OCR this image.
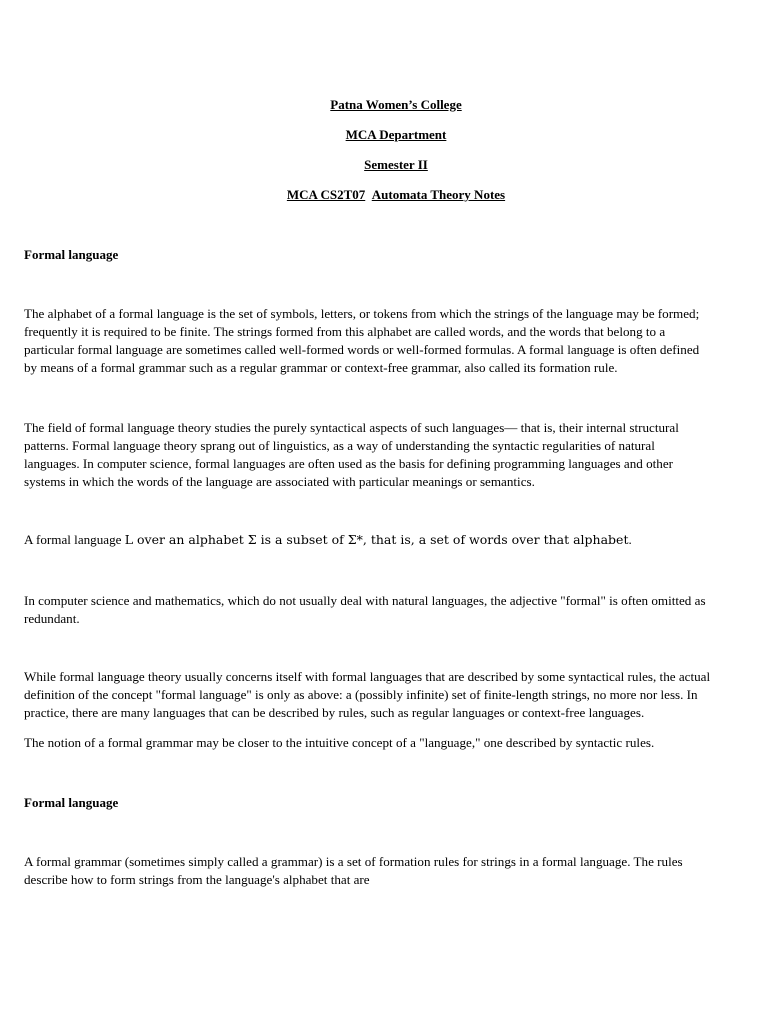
Patna Women’s College
MCA Department
Semester II
MCA CS2T07 Automata Theory Notes
Formal language
The alphabet of a formal language is the set of symbols, letters, or tokens from which the strings of the language may be formed;
frequently it is required to be finite. The strings formed from this alphabet are called words, and the words that belong to a
particular formal language are sometimes called well-formed words or well-formed formulas. A formal language is often defined
by means of a formal grammar such as a regular grammar or context-free grammar, also called its formation rule.
The field of formal language theory studies the purely syntactical aspects of such languages— that is, their internal structural
patterns. Formal language theory sprang out of linguistics, as a way of understanding the syntactic regularities of natural
languages. In computer science, formal languages are often used as the basis for defining programming languages and other
systems in which the words of the language are associated with particular meanings or semantics.
A formal language L over an alphabet Σ is a subset of Σ*, that is, a set of words over that alphabet.
In computer science and mathematics, which do not usually deal with natural languages, the adjective "formal" is often omitted as
redundant.
While formal language theory usually concerns itself with formal languages that are described by some syntactical rules, the actual
definition of the concept "formal language" is only as above: a (possibly infinite) set of finite-length strings, no more nor less. In
practice, there are many languages that can be described by rules, such as regular languages or context-free languages.
The notion of a formal grammar may be closer to the intuitive concept of a "language," one described by syntactic rules.
Formal language
A formal grammar (sometimes simply called a grammar) is a set of formation rules for strings in a formal language. The rules
describe how to form strings from the language's alphabet that are
